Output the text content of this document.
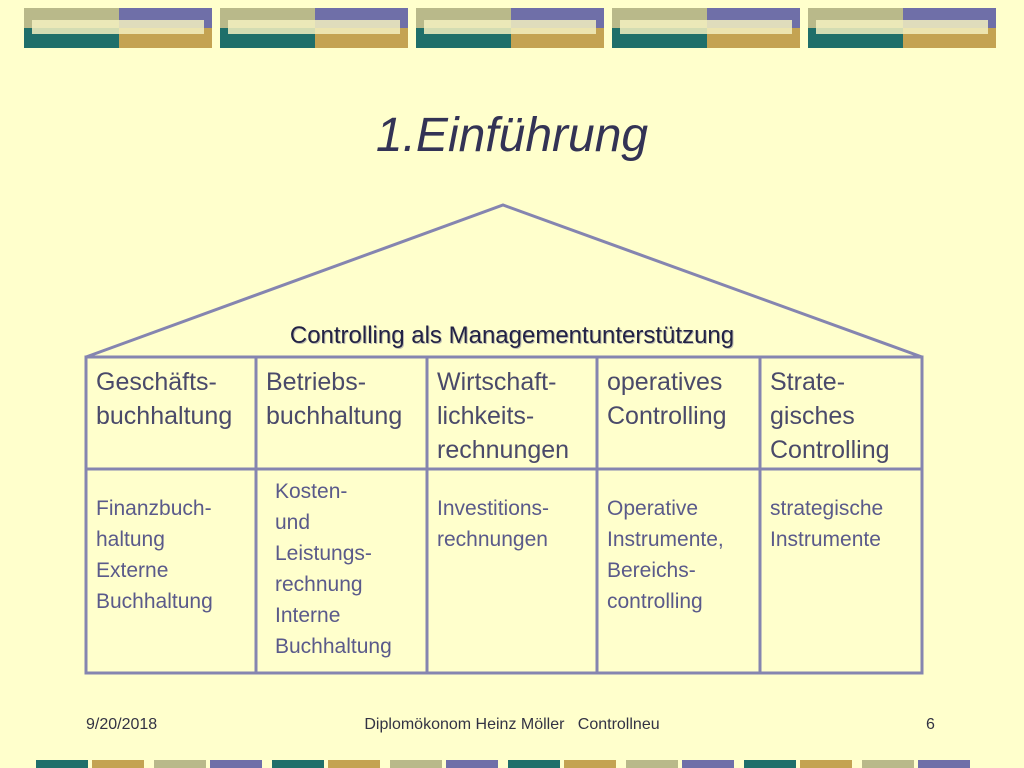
1.Einführung
Controlling als Managementunterstützung
Geschäfts-
buchhaltung
Finanzbuch-
haltung
Externe
Buchhaltung
Betriebs-
buchhaltung
Kosten-
und
Leistungs-
rechnung
Interne
Buchhaltung
Wirtschaft-
lichkeits-
rechnungen
Investitions-
rechnungen
operatives
Controlling
Operative
Instrumente,
Bereichs-
controlling
Strate-
gisches
Controlling
strategische
Instrumente
9/20/2018	Diplomökonom Heinz Möller   Controllneu	6
